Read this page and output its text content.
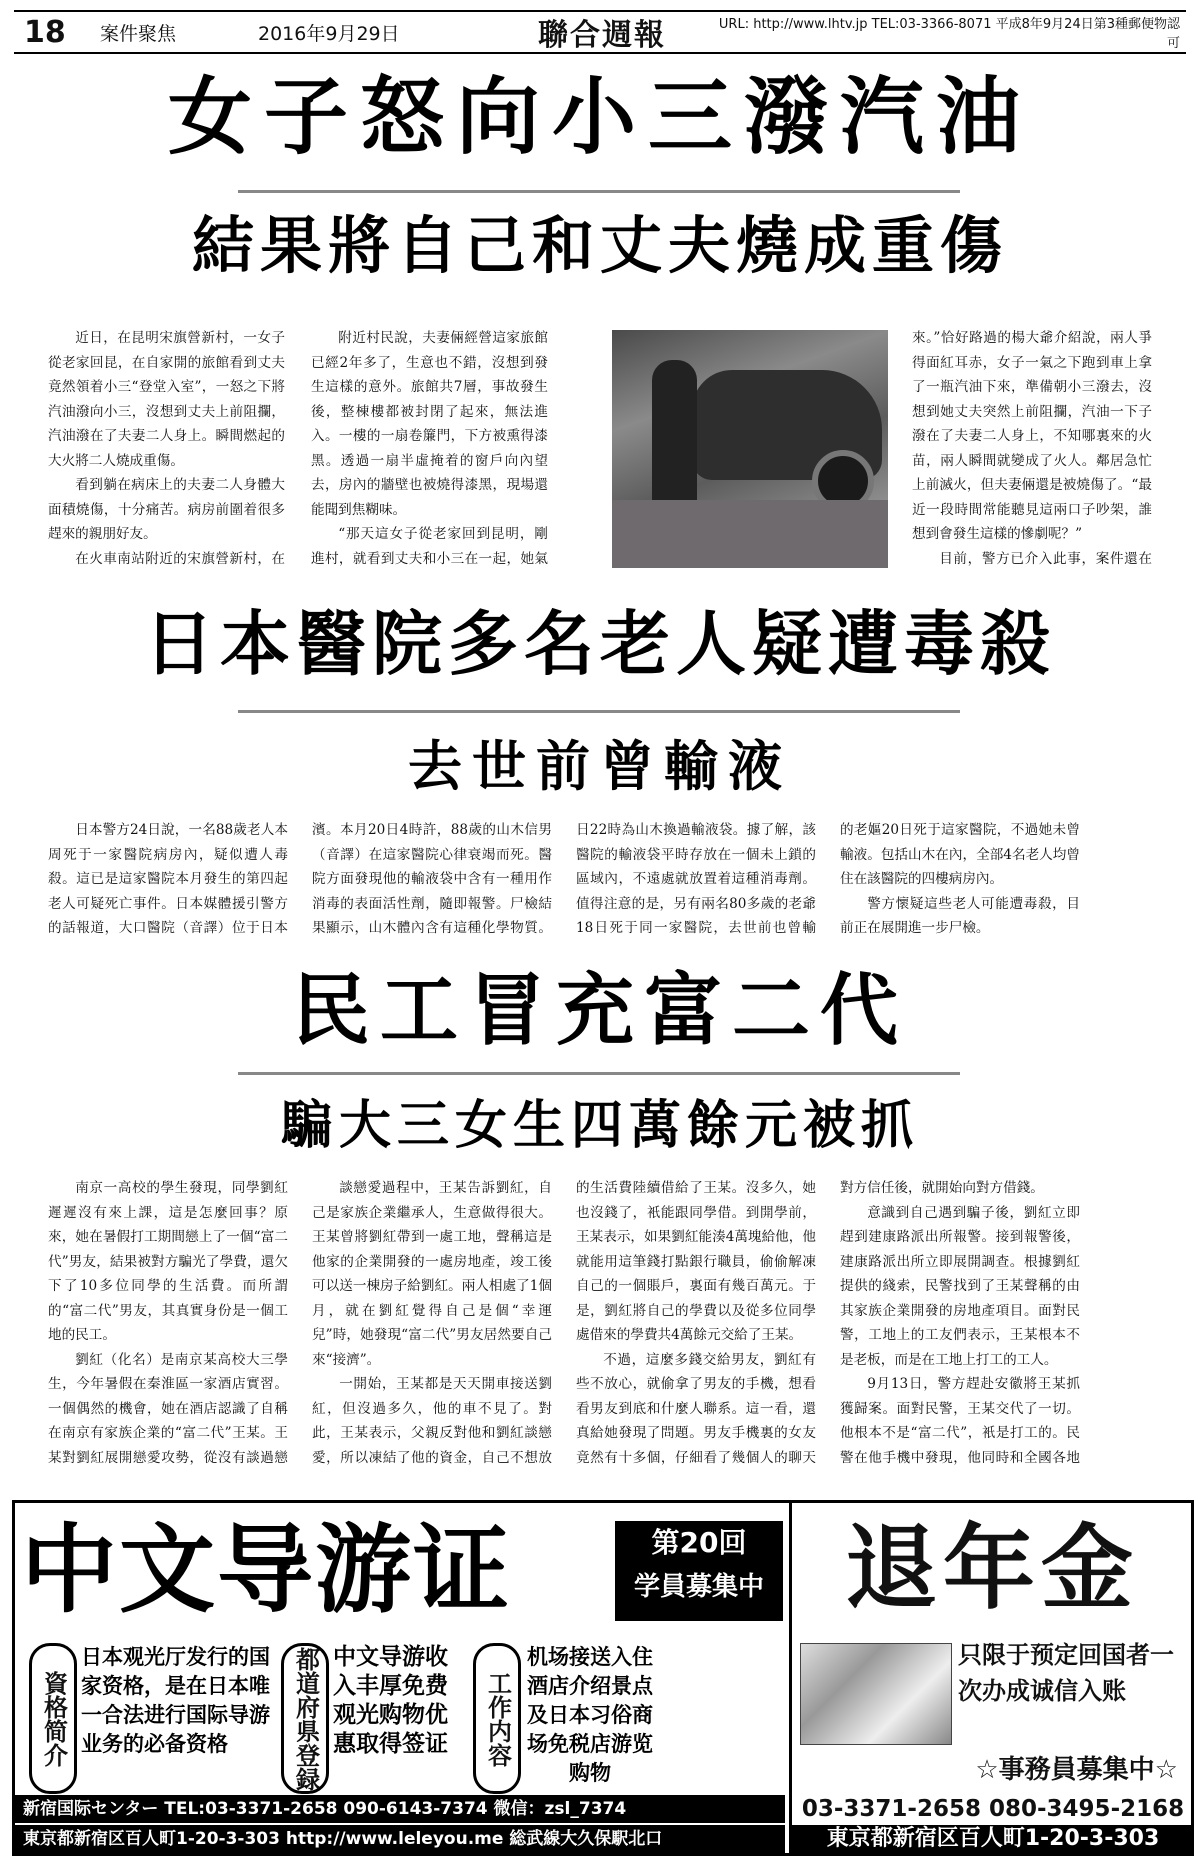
18	案件聚焦	2016年9月29日	聯合週報	URL: http://www.lhtv.jp TEL:03-3366-8071 平成8年9月24日第3種郵便物認可
女子怒向小三潑汽油
結果將自己和丈夫燒成重傷

近日，在昆明宋旗營新村，一女子從老家回昆，在自家開的旅館看到丈夫竟然領着小三“登堂入室”，一怒之下將汽油潑向小三，沒想到丈夫上前阻攔，汽油潑在了夫妻二人身上。瞬間燃起的大火將二人燒成重傷。

看到躺在病床上的夫妻二人身體大面積燒傷，十分痛苦。病房前圍着很多趕來的親朋好友。

在火車南站附近的宋旗營新村，在

附近村民說，夫妻倆經營這家旅館已經2年多了，生意也不錯，沒想到發生這樣的意外。旅館共7層，事故發生後，整棟樓都被封閉了起來，無法進入。一樓的一扇卷簾門，下方被熏得漆黑。透過一扇半虛掩着的窗戶向內望去，房內的牆壁也被燒得漆黑，現場還能聞到焦糊味。

“那天這女子從老家回到昆明，剛進村，就看到丈夫和小三在一起，她氣

來。”恰好路過的楊大爺介紹說，兩人爭得面紅耳赤，女子一氣之下跑到車上拿了一瓶汽油下來，準備朝小三潑去，沒想到她丈夫突然上前阻攔，汽油一下子潑在了夫妻二人身上，不知哪裏來的火苗，兩人瞬間就變成了火人。鄰居急忙上前滅火，但夫妻倆還是被燒傷了。“最近一段時間常能聽見這兩口子吵架，誰想到會發生這樣的慘劇呢？”

目前，警方已介入此事，案件還在

日本醫院多名老人疑遭毒殺
去世前曾輸液

日本警方24日說，一名88歲老人本周死于一家醫院病房內，疑似遭人毒殺。這已是這家醫院本月發生的第四起老人可疑死亡事件。日本媒體援引警方的話報道，大口醫院（音譯）位于日本

濱。本月20日4時許，88歲的山木信男（音譯）在這家醫院心律衰竭而死。醫院方面發現他的輸液袋中含有一種用作消毒的表面活性劑，隨即報警。尸檢結果顯示，山木體內含有這種化學物質。

日22時為山木換過輸液袋。據了解，該醫院的輸液袋平時存放在一個未上鎖的區域內，不遠處就放置着這種消毒劑。值得注意的是，另有兩名80多歲的老爺18日死于同一家醫院，去世前也曾輸

的老嫗20日死于這家醫院，不過她未曾輸液。包括山木在內，全部4名老人均曾住在該醫院的四樓病房內。

警方懷疑這些老人可能遭毒殺，目前正在展開進一步尸檢。

民工冒充富二代
騙大三女生四萬餘元被抓

南京一高校的學生發現，同學劉紅遲遲沒有來上課，這是怎麼回事？原來，她在暑假打工期間戀上了一個“富二代”男友，結果被對方騙光了學費，還欠下了10多位同學的生活費。而所謂的“富二代”男友，其真實身份是一個工地的民工。

劉紅（化名）是南京某高校大三學生，今年暑假在秦淮區一家酒店實習。一個偶然的機會，她在酒店認識了自稱在南京有家族企業的“富二代”王某。王某對劉紅展開戀愛攻勢，從沒有談過戀

談戀愛過程中，王某告訴劉紅，自己是家族企業繼承人，生意做得很大。王某曾將劉紅帶到一處工地，聲稱這是他家的企業開發的一處房地產，竣工後可以送一棟房子給劉紅。兩人相處了1個月，就在劉紅覺得自己是個“幸運兒”時，她發現“富二代”男友居然要自己來“接濟”。

一開始，王某都是天天開車接送劉紅，但沒過多久，他的車不見了。對此，王某表示，父親反對他和劉紅談戀愛，所以凍結了他的資金，自己不想放

的生活費陸續借給了王某。沒多久，她也沒錢了，衹能跟同學借。到開學前，王某表示，如果劉紅能湊4萬塊給他，他就能用這筆錢打點銀行職員，偷偷解凍自己的一個賬戶，裏面有幾百萬元。于是，劉紅將自己的學費以及從多位同學處借來的學費共4萬餘元交給了王某。

不過，這麼多錢交給男友，劉紅有些不放心，就偷拿了男友的手機，想看看男友到底和什麼人聯系。這一看，還真給她發現了問題。男友手機裏的女友竟然有十多個，仔細看了幾個人的聊天

對方信任後，就開始向對方借錢。

意識到自己遇到騙子後，劉紅立即趕到建康路派出所報警。接到報警後，建康路派出所立即展開調查。根據劉紅提供的綫索，民警找到了王某聲稱的由其家族企業開發的房地產項目。面對民警，工地上的工友們表示，王某根本不是老板，而是在工地上打工的工人。

9月13日，警方趕赴安徽將王某抓獲歸案。面對民警，王某交代了一切。他根本不是“富二代”，衹是打工的。民警在他手機中發現，他同時和全國各地

中文导游证	第20回
学員募集中
資格简介
日本观光厅发行的国家资格，是在日本唯一合法进行国际导游业务的必备资格	都道府県登録 中文导游收入丰厚免费观光购物优惠取得签证	工作内容
机场接送入住酒店介绍景点及日本习俗商场免税店游览购物
新宿国际センター TEL:03-3371-2658 090-6143-7374 微信：zsl_7374
東京都新宿区百人町1-20-3-303 http://www.leleyou.me 総武線大久保駅北口
退年金
只限于预定回国者一次办成诚信入账
☆事務員募集中☆
03-3371-2658 080-3495-2168
東京都新宿区百人町1-20-3-303
